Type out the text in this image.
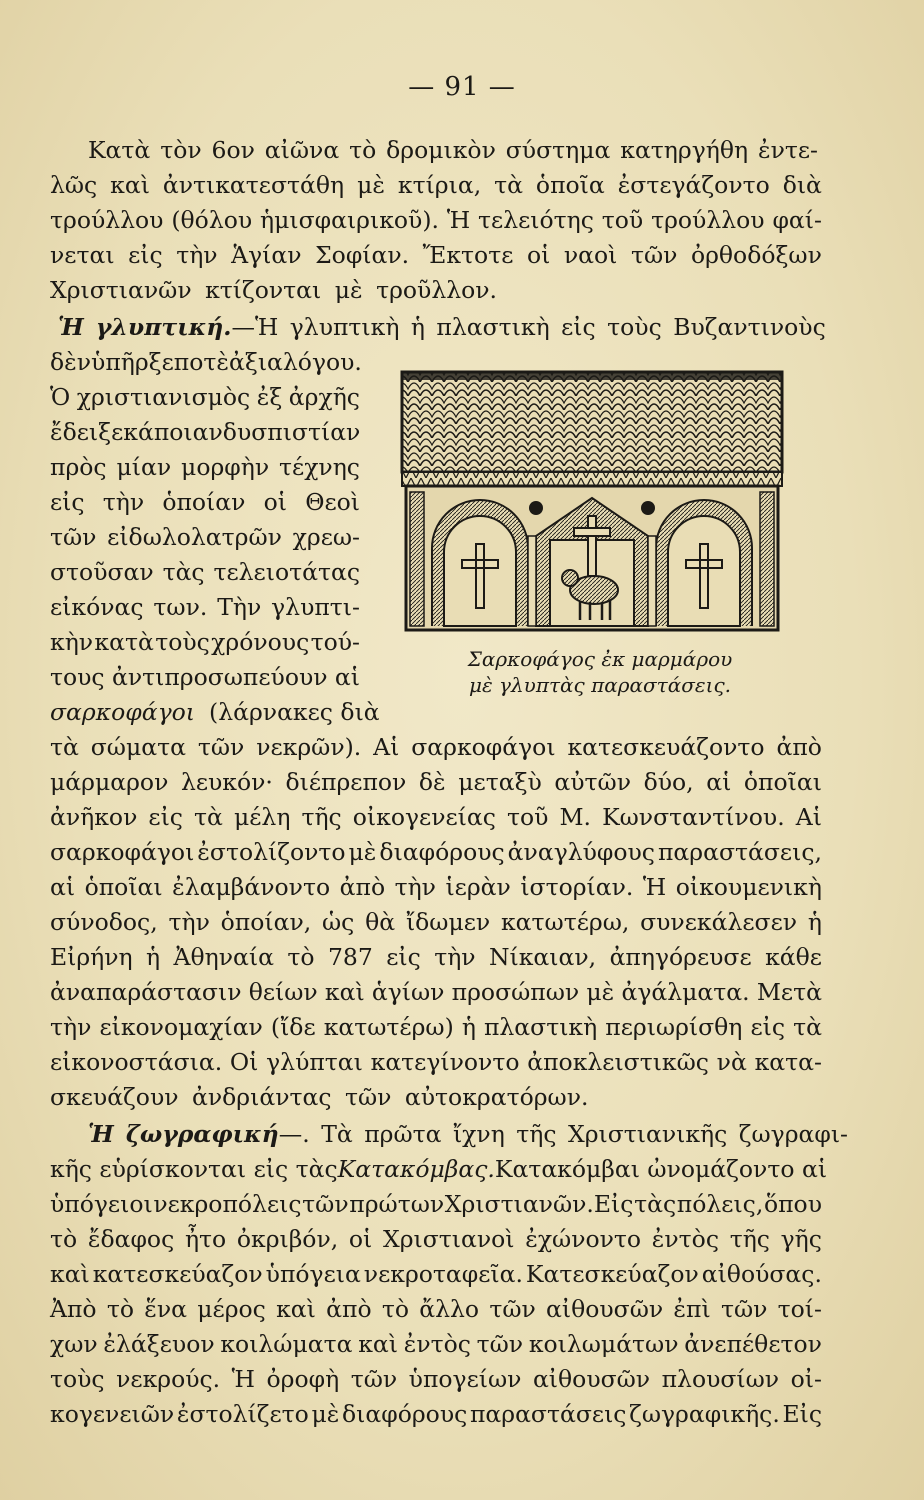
— 91 —
Κατὰ τὸν 6ον αἰῶνα τὸ δρομικὸν σύστημα κατηργήθη ἐντε-
λῶς καὶ ἀντικατεστάθη μὲ κτίρια, τὰ ὁποῖα ἐστεγάζοντο διὰ
τρούλλου (θόλου ἡμισφαιρικοῦ). Ἡ τελειότης τοῦ τρούλλου φαί-
νεται εἰς τὴν Ἁγίαν Σοφίαν. Ἔκτοτε οἱ ναοὶ τῶν ὀρθοδόξων
Χριστιανῶν κτίζονται μὲ τροῦλλον.
Ἡ γλυπτική. —Ἡ γλυπτικὴ ἡ πλαστικὴ εἰς τοὺς Βυζαντινοὺς
δὲν ὑπῆρξε ποτὲ ἀξιαλόγου.
Ὁ χριστιανισμὸς ἐξ ἀρχῆς
ἔδειξε κάποιαν δυσπιστίαν
πρὸς μίαν μορφὴν τέχνης
εἰς τὴν ὁποίαν οἱ Θεοὶ
τῶν εἰδωλολατρῶν χρεω-
στοῦσαν τὰς τελειοτάτας
εἰκόνας των. Τὴν γλυπτι-
κὴν κατὰ τοὺς χρόνους τού-
τους ἀντιπροσωπεύουν αἱ
σαρκοφάγοι (λάρνακες διὰ
Σαρκοφάγος ἐκ μαρμάρου
μὲ γλυπτὰς παραστάσεις.
τὰ σώματα τῶν νεκρῶν). Αἱ σαρκοφάγοι κατεσκευάζοντο ἀπὸ
μάρμαρον λευκόν· διέπρεπον δὲ μεταξὺ αὐτῶν δύο, αἱ ὁποῖαι
ἀνῆκον εἰς τὰ μέλη τῆς οἰκογενείας τοῦ Μ. Κωνσταντίνου. Αἱ
σαρκοφάγοι ἐστολίζοντο μὲ διαφόρους ἀναγλύφους παραστάσεις,
αἱ ὁποῖαι ἐλαμβάνοντο ἀπὸ τὴν ἱερὰν ἱστορίαν. Ἡ οἰκουμενικὴ
σύνοδος, τὴν ὁποίαν, ὡς θὰ ἴδωμεν κατωτέρω, συνεκάλεσεν ἡ
Εἰρήνη ἡ Ἀθηναία τὸ 787 εἰς τὴν Νίκαιαν, ἀπηγόρευσε κάθε
ἀναπαράστασιν θείων καὶ ἁγίων προσώπων μὲ ἀγάλματα. Μετὰ
τὴν εἰκονομαχίαν (ἴδε κατωτέρω) ἡ πλαστικὴ περιωρίσθη εἰς τὰ
εἰκονοστάσια. Οἱ γλύπται κατεγίνοντο ἀποκλειστικῶς νὰ κατα-
σκευάζουν ἀνδριάντας τῶν αὐτοκρατόρων.
Ἡ ζωγραφική —. Τὰ πρῶτα ἴχνη τῆς Χριστιανικῆς ζωγραφι-
κῆς εὑρίσκονται εἰς τὰς Κατακόμβας. Κατακόμβαι ὠνομάζοντο αἱ
ὑπόγειοι νεκροπόλεις τῶν πρώτων Χριστιανῶν.Εἰς τὰς πόλεις, ὅπου
τὸ ἔδαφος ἦτο ὀκριβόν, οἱ Χριστιανοὶ ἐχώνοντο ἐντὸς τῆς γῆς
καὶ κατεσκεύαζον ὑπόγεια νεκροταφεῖα. Κατεσκεύαζον αἰθούσας.
Ἀπὸ τὸ ἕνα μέρος καὶ ἀπὸ τὸ ἄλλο τῶν αἰθουσῶν ἐπὶ τῶν τοί-
χων ἐλάξευον κοιλώματα καὶ ἐντὸς τῶν κοιλωμάτων ἀνεπέθετον
τοὺς νεκρούς. Ἡ ὀροφὴ τῶν ὑπογείων αἰθουσῶν πλουσίων οἰ-
κογενειῶν ἐστολίζετο μὲ διαφόρους παραστάσεις ζωγραφικῆς. Εἰς
